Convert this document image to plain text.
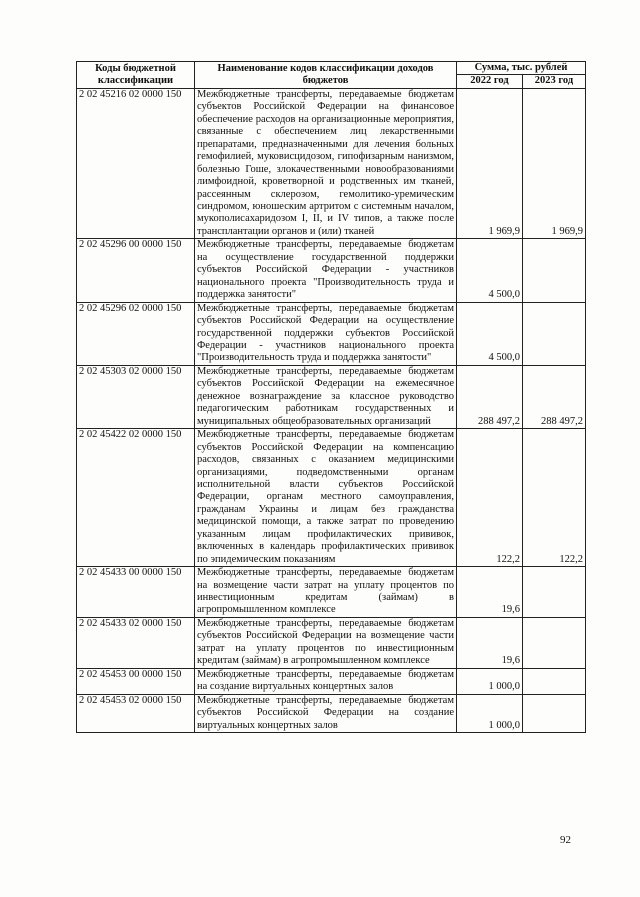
Коды бюджетной классификации	Наименование кодов классификации доходов бюджетов	Сумма, тыс. рублей	
		2022 год	2023 год
2 02 45216 02 0000 150	Межбюджетные трансферты, передаваемые бюджетам субъектов Российской Федерации на финансовое обеспечение расходов на организационные мероприятия, связанные с обеспечением лиц лекарственными препаратами, предназначенными для лечения больных гемофилией, муковисцидозом, гипофизарным нанизмом, болезнью Гоше, злокачественными новообразованиями лимфоидной, кроветворной и родственных им тканей, рассеянным склерозом, гемолитико-уремическим синдромом, юношеским артритом с системным началом, мукополисахаридозом I, II, и IV типов, а также после трансплантации органов и (или) тканей	1 969,9	1 969,9
2 02 45296 00 0000 150	Межбюджетные трансферты, передаваемые бюджетам на осуществление государственной поддержки субъектов Российской Федерации - участников национального проекта "Производительность труда и поддержка занятости"	4 500,0	
2 02 45296 02 0000 150	Межбюджетные трансферты, передаваемые бюджетам субъектов Российской Федерации на осуществление государственной поддержки субъектов Российской Федерации - участников национального проекта "Производительность труда и поддержка занятости"	4 500,0	
2 02 45303 02 0000 150	Межбюджетные трансферты, передаваемые бюджетам субъектов Российской Федерации на ежемесячное денежное вознаграждение за классное руководство педагогическим работникам государственных и муниципальных общеобразовательных организаций	288 497,2	288 497,2
2 02 45422 02 0000 150	Межбюджетные трансферты, передаваемые бюджетам субъектов Российской Федерации на компенсацию расходов, связанных с оказанием медицинскими организациями, подведомственными органам исполнительной власти субъектов Российской Федерации, органам местного самоуправления, гражданам Украины и лицам без гражданства медицинской помощи, а также затрат по проведению указанным лицам профилактических прививок, включенных в календарь профилактических прививок по эпидемическим показаниям	122,2	122,2
2 02 45433 00 0000 150	Межбюджетные трансферты, передаваемые бюджетам на возмещение части затрат на уплату процентов по инвестиционным кредитам (займам) в агропромышленном комплексе	19,6	
2 02 45433 02 0000 150	Межбюджетные трансферты, передаваемые бюджетам субъектов Российской Федерации на возмещение части затрат на уплату процентов по инвестиционным кредитам (займам) в агропромышленном комплексе	19,6	
2 02 45453 00 0000 150	Межбюджетные трансферты, передаваемые бюджетам на создание виртуальных концертных залов	1 000,0	
2 02 45453 02 0000 150	Межбюджетные трансферты, передаваемые бюджетам субъектов Российской Федерации на создание виртуальных концертных залов	1 000,0	
92
